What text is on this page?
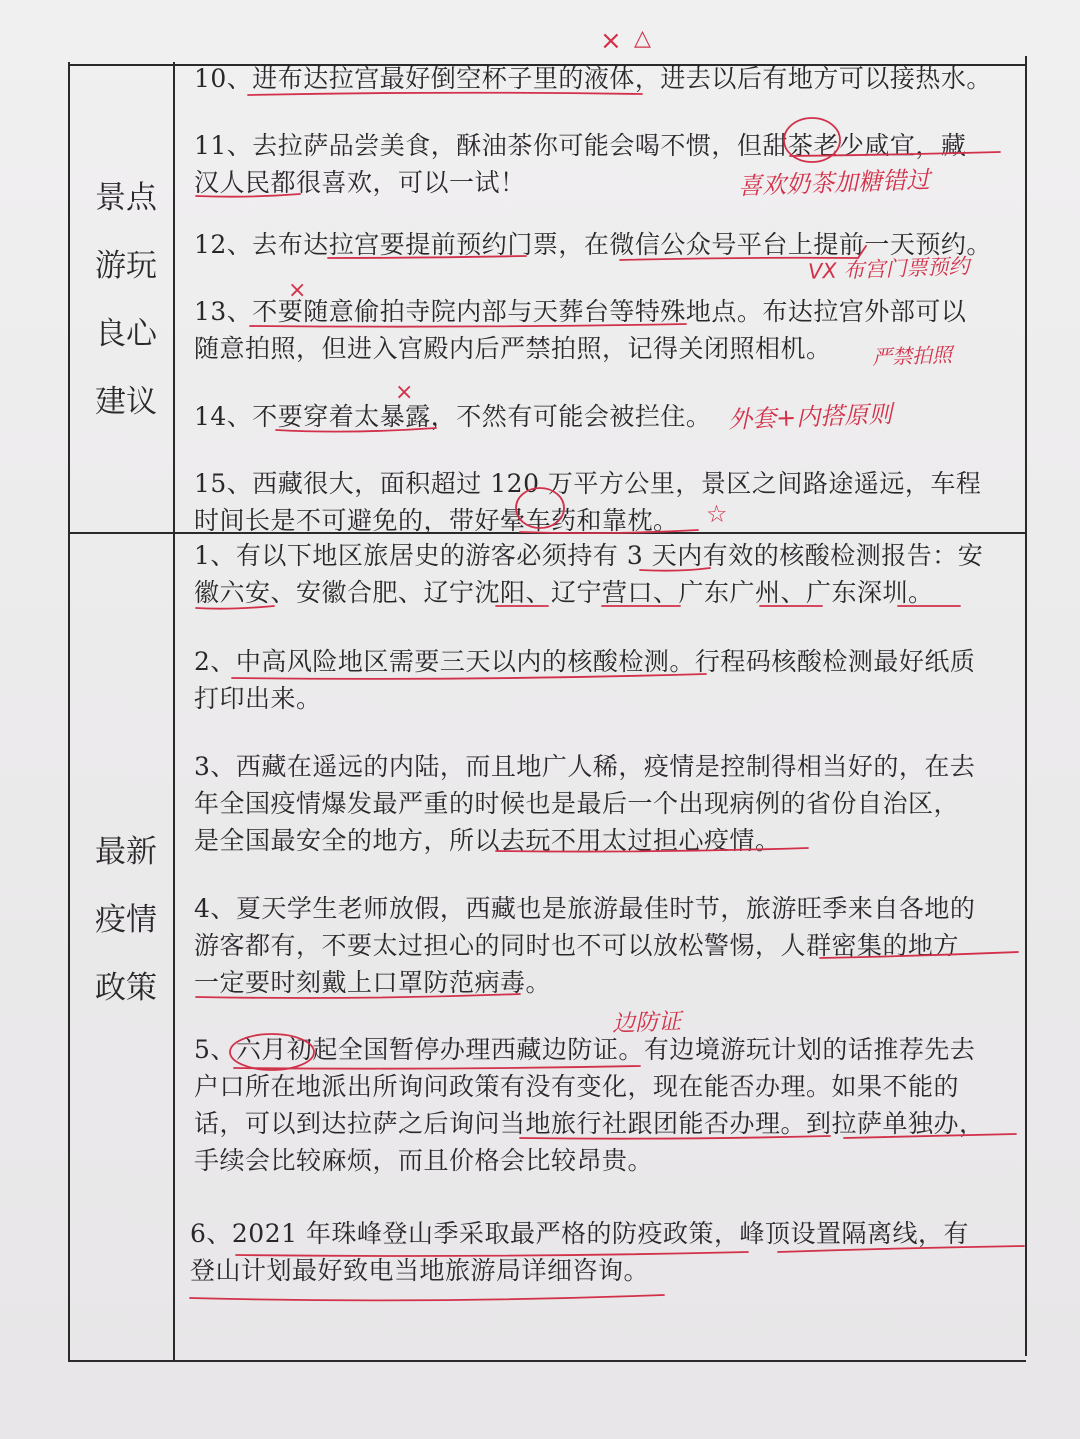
景点
游玩
良心
建议
最新
疫情
政策
10、进布达拉宫最好倒空杯子里的液体，进去以后有地方可以接热水。
11、去拉萨品尝美食，酥油茶你可能会喝不惯，但甜茶老少咸宜，藏
汉人民都很喜欢，可以一试！
12、去布达拉宫要提前预约门票，在微信公众号平台上提前一天预约。
13、不要随意偷拍寺院内部与天葬台等特殊地点。布达拉宫外部可以
随意拍照，但进入宫殿内后严禁拍照，记得关闭照相机。
14、不要穿着太暴露，不然有可能会被拦住。
15、西藏很大，面积超过 120 万平方公里，景区之间路途遥远，车程
时间长是不可避免的，带好晕车药和靠枕。
1、有以下地区旅居史的游客必须持有 3 天内有效的核酸检测报告：安
徽六安、安徽合肥、辽宁沈阳、辽宁营口、广东广州、广东深圳。
2、中高风险地区需要三天以内的核酸检测。行程码核酸检测最好纸质
打印出来。
3、西藏在遥远的内陆，而且地广人稀，疫情是控制得相当好的，在去
年全国疫情爆发最严重的时候也是最后一个出现病例的省份自治区，
是全国最安全的地方，所以去玩不用太过担心疫情。
4、夏天学生老师放假，西藏也是旅游最佳时节，旅游旺季来自各地的
游客都有，不要太过担心的同时也不可以放松警惕，人群密集的地方
一定要时刻戴上口罩防范病毒。
5、六月初起全国暂停办理西藏边防证。有边境游玩计划的话推荐先去
户口所在地派出所询问政策有没有变化，现在能否办理。如果不能的
话，可以到达拉萨之后询问当地旅行社跟团能否办理。到拉萨单独办，
手续会比较麻烦，而且价格会比较昂贵。
6、2021 年珠峰登山季采取最严格的防疫政策，峰顶设置隔离线，有
登山计划最好致电当地旅游局详细咨询。
× △
喜欢奶茶加糖错过
VX 布宫门票预约
×
严禁拍照
×
外套+内搭原则
☆
边防证
